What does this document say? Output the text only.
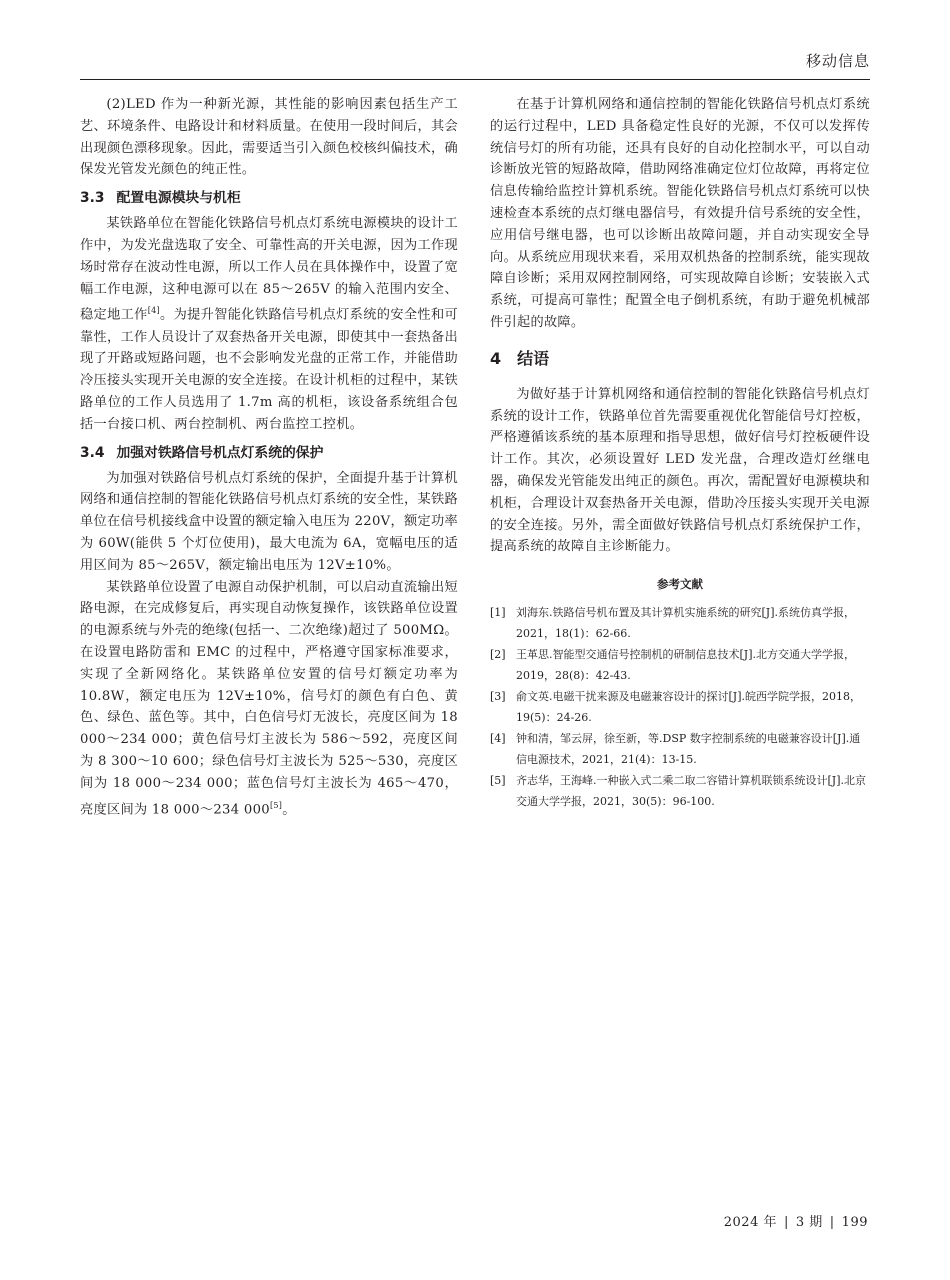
移动信息

(2)LED 作为一种新光源，其性能的影响因素包括生产工艺、环境条件、电路设计和材料质量。在使用一段时间后，其会出现颜色漂移现象。因此，需要适当引入颜色校核纠偏技术，确保发光管发光颜色的纯正性。

3.3 配置电源模块与机柜

某铁路单位在智能化铁路信号机点灯系统电源模块的设计工作中，为发光盘选取了安全、可靠性高的开关电源，因为工作现场时常存在波动性电源，所以工作人员在具体操作中，设置了宽幅工作电源，这种电源可以在 85～265V 的输入范围内安全、稳定地工作[4]。为提升智能化铁路信号机点灯系统的安全性和可靠性，工作人员设计了双套热备开关电源，即使其中一套热备出现了开路或短路问题，也不会影响发光盘的正常工作，并能借助冷压接头实现开关电源的安全连接。在设计机柜的过程中，某铁路单位的工作人员选用了 1.7m 高的机柜，该设备系统组合包括一台接口机、两台控制机、两台监控工控机。

3.4 加强对铁路信号机点灯系统的保护

为加强对铁路信号机点灯系统的保护，全面提升基于计算机网络和通信控制的智能化铁路信号机点灯系统的安全性，某铁路单位在信号机接线盒中设置的额定输入电压为 220V，额定功率为 60W(能供 5 个灯位使用)，最大电流为 6A，宽幅电压的适用区间为 85～265V，额定输出电压为 12V±10%。

某铁路单位设置了电源自动保护机制，可以启动直流输出短路电源，在完成修复后，再实现自动恢复操作，该铁路单位设置的电源系统与外壳的绝缘(包括一、二次绝缘)超过了 500MΩ。在设置电路防雷和 EMC 的过程中，严格遵守国家标准要求，实现了全新网络化。某铁路单位安置的信号灯额定功率为 10.8W，额定电压为 12V±10%，信号灯的颜色有白色、黄色、绿色、蓝色等。其中，白色信号灯无波长，亮度区间为 18 000～234 000；黄色信号灯主波长为 586～592，亮度区间为 8 300～10 600；绿色信号灯主波长为 525～530，亮度区间为 18 000～234 000；蓝色信号灯主波长为 465～470，亮度区间为 18 000～234 000[5]。

在基于计算机网络和通信控制的智能化铁路信号机点灯系统的运行过程中，LED 具备稳定性良好的光源，不仅可以发挥传统信号灯的所有功能，还具有良好的自动化控制水平，可以自动诊断放光管的短路故障，借助网络准确定位灯位故障，再将定位信息传输给监控计算机系统。智能化铁路信号机点灯系统可以快速检查本系统的点灯继电器信号，有效提升信号系统的安全性，应用信号继电器，也可以诊断出故障问题，并自动实现安全导向。从系统应用现状来看，采用双机热备的控制系统，能实现故障自诊断；采用双网控制网络，可实现故障自诊断；安装嵌入式系统，可提高可靠性；配置全电子倒机系统，有助于避免机械部件引起的故障。

4 结语

为做好基于计算机网络和通信控制的智能化铁路信号机点灯系统的设计工作，铁路单位首先需要重视优化智能信号灯控板，严格遵循该系统的基本原理和指导思想，做好信号灯控板硬件设计工作。其次，必须设置好 LED 发光盘，合理改造灯丝继电器，确保发光管能发出纯正的颜色。再次，需配置好电源模块和机柜，合理设计双套热备开关电源，借助冷压接头实现开关电源的安全连接。另外，需全面做好铁路信号机点灯系统保护工作，提高系统的故障自主诊断能力。

参考文献
[1] 刘海东.铁路信号机布置及其计算机实施系统的研究[J].系统仿真学报，2021，18(1)：62-66.
[2] 王革思.智能型交通信号控制机的研制信息技术[J].北方交通大学学报，2019，28(8)：42-43.
[3] 俞文英.电磁干扰来源及电磁兼容设计的探讨[J].皖西学院学报，2018，19(5)：24-26.
[4] 钟和清，邹云屏，徐至新，等.DSP 数字控制系统的电磁兼容设计[J].通信电源技术，2021，21(4)：13-15.
[5] 齐志华，王海峰.一种嵌入式二乘二取二容错计算机联锁系统设计[J].北京交通大学学报，2021，30(5)：96-100.
2024 年 | 3 期 | 199
